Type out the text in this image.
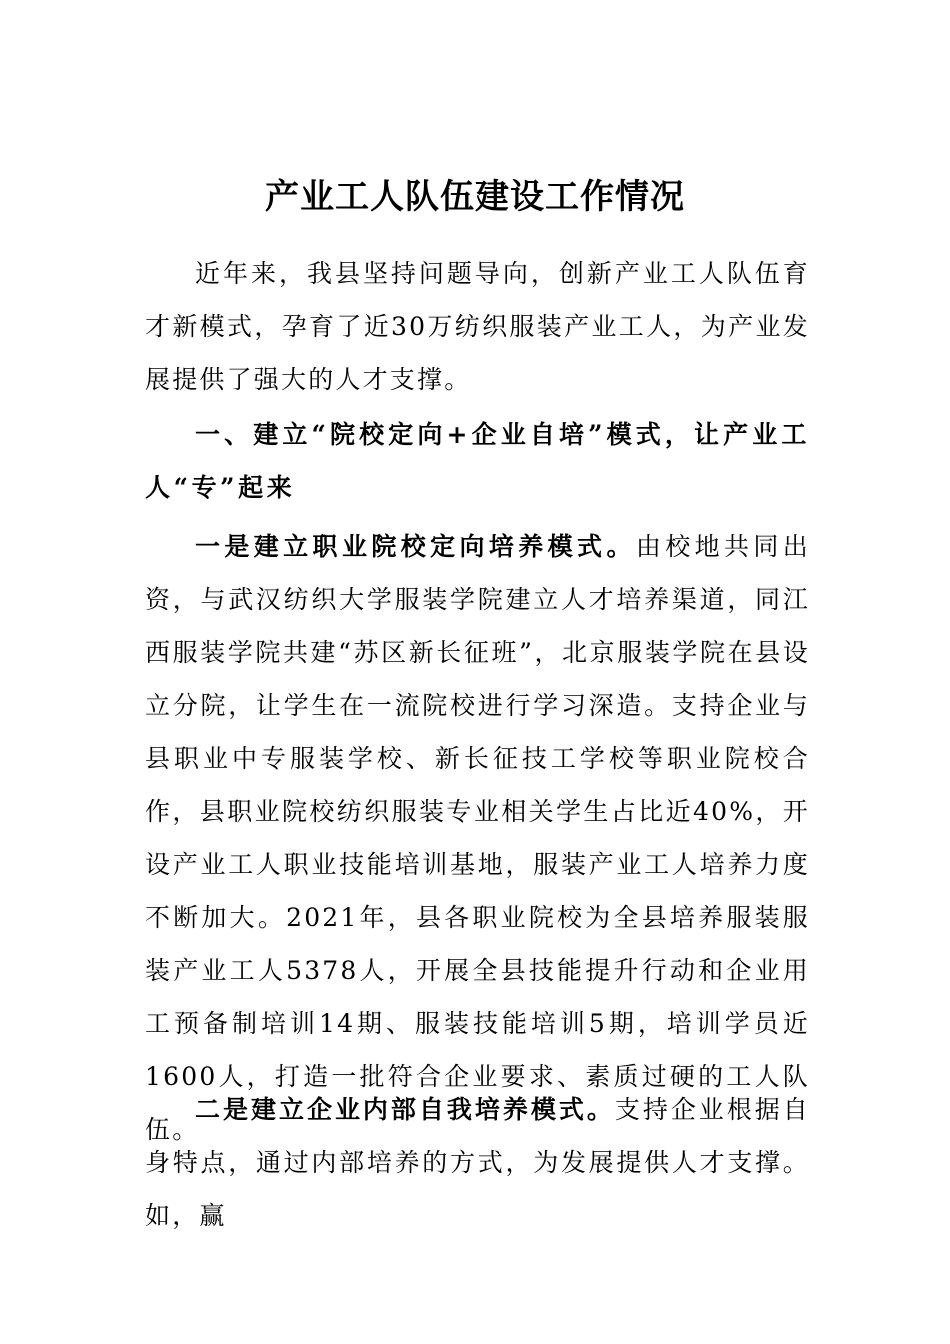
产业工人队伍建设工作情况

近年来，我县坚持问题导向，创新产业工人队伍育才新模式，孕育了近30万纺织服装产业工人，为产业发展提供了强大的人才支撑。

一、建立“院校定向+企业自培”模式，让产业工人“专”起来

一是建立职业院校定向培养模式。由校地共同出资，与武汉纺织大学服装学院建立人才培养渠道，同江西服装学院共建“苏区新长征班”，北京服装学院在县设立分院，让学生在一流院校进行学习深造。支持企业与县职业中专服装学校、新长征技工学校等职业院校合作，县职业院校纺织服装专业相关学生占比近40%，开设产业工人职业技能培训基地，服装产业工人培养力度不断加大。2021年，县各职业院校为全县培养服装服装产业工人5378人，开展全县技能提升行动和企业用工预备制培训14期、服装技能培训5期，培训学员近1600人，打造一批符合企业要求、素质过硬的工人队伍。

二是建立企业内部自我培养模式。支持企业根据自身特点，通过内部培养的方式，为发展提供人才支撑。如，赢
